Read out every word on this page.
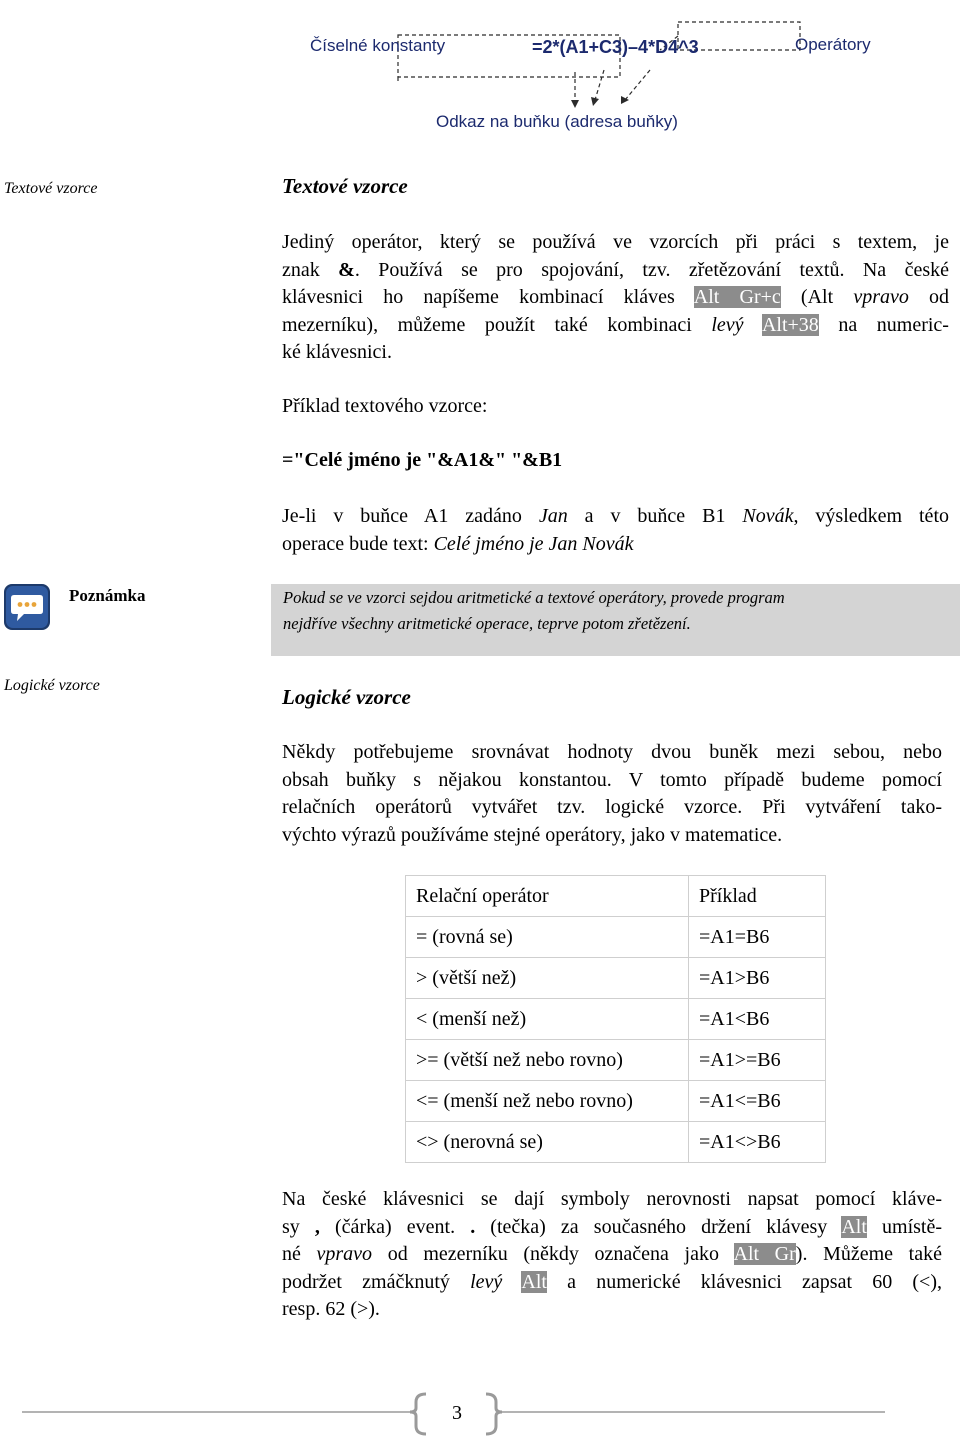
Číselné konstanty	=2*(A1+C3)–4*D4^3	Operátory
Odkaz na buňku (adresa buňky)
Textové vzorce	Textové vzorce
Jediný operátor, který se používá ve vzorcích při práci s textem, je
znak &. Používá se pro spojování, tzv. zřetězování textů. Na české
klávesnici ho napíšeme kombinací kláves Alt Gr+c (Alt vpravo od
mezerníku), můžeme použít také kombinaci levý Alt+38 na numeric-
ké klávesnici.
Příklad textového vzorce:
="Celé jméno je "&A1&" "&B1
Je-li v buňce A1 zadáno Jan a v buňce B1 Novák, výsledkem této
operace bude text: Celé jméno je Jan Novák
Poznámka	Pokud se ve vzorci sejdou aritmetické a textové operátory, provede program
nejdříve všechny aritmetické operace, teprve potom zřetězení.
Logické vzorce	Logické vzorce
Někdy potřebujeme srovnávat hodnoty dvou buněk mezi sebou, nebo
obsah buňky s nějakou konstantou. V tomto případě budeme pomocí
relačních operátorů vytvářet tzv. logické vzorce. Při vytváření tako-
výchto výrazů používáme stejné operátory, jako v matematice.
Relační operátor	Příklad
= (rovná se)	=A1=B6
> (větší než)	=A1>B6
< (menší než)	=A1<B6
>= (větší než nebo rovno)	=A1>=B6
<= (menší než nebo rovno)	=A1<=B6
<> (nerovná se)	=A1<>B6
Na české klávesnici se dají symboly nerovnosti napsat pomocí kláve-
sy , (čárka) event. . (tečka) za současného držení klávesy Alt umístě-
né vpravo od mezerníku (někdy označena jako Alt Gr). Můžeme také
podržet zmáčknutý levý Alt a numerické klávesnici zapsat 60 (<),
resp. 62 (>).
3
